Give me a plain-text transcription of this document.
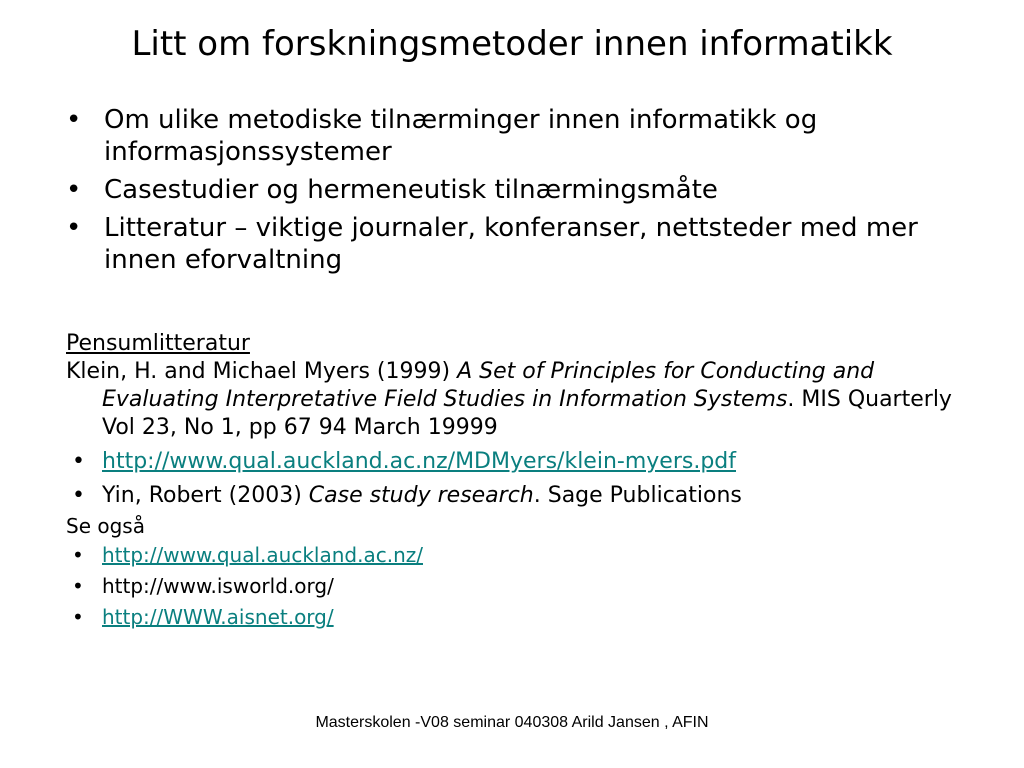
Litt om forskningsmetoder innen informatikk
• Om ulike metodiske tilnærminger innen informatikk og informasjonssystemer
• Casestudier og hermeneutisk tilnærmingsmåte
• Litteratur – viktige journaler, konferanser, nettsteder med mer innen eforvaltning
Pensumlitteratur
Klein, H. and Michael Myers (1999) A Set of Principles for Conducting and Evaluating Interpretative Field Studies in Information Systems. MIS Quarterly Vol 23, No 1, pp 67 94 March 19999
• http://www.qual.auckland.ac.nz/MDMyers/klein-myers.pdf
• Yin, Robert (2003) Case study research. Sage Publications
Se også
• http://www.qual.auckland.ac.nz/
• http://www.isworld.org/
• http://WWW.aisnet.org/
Masterskolen -V08 seminar 040308 Arild Jansen , AFIN
